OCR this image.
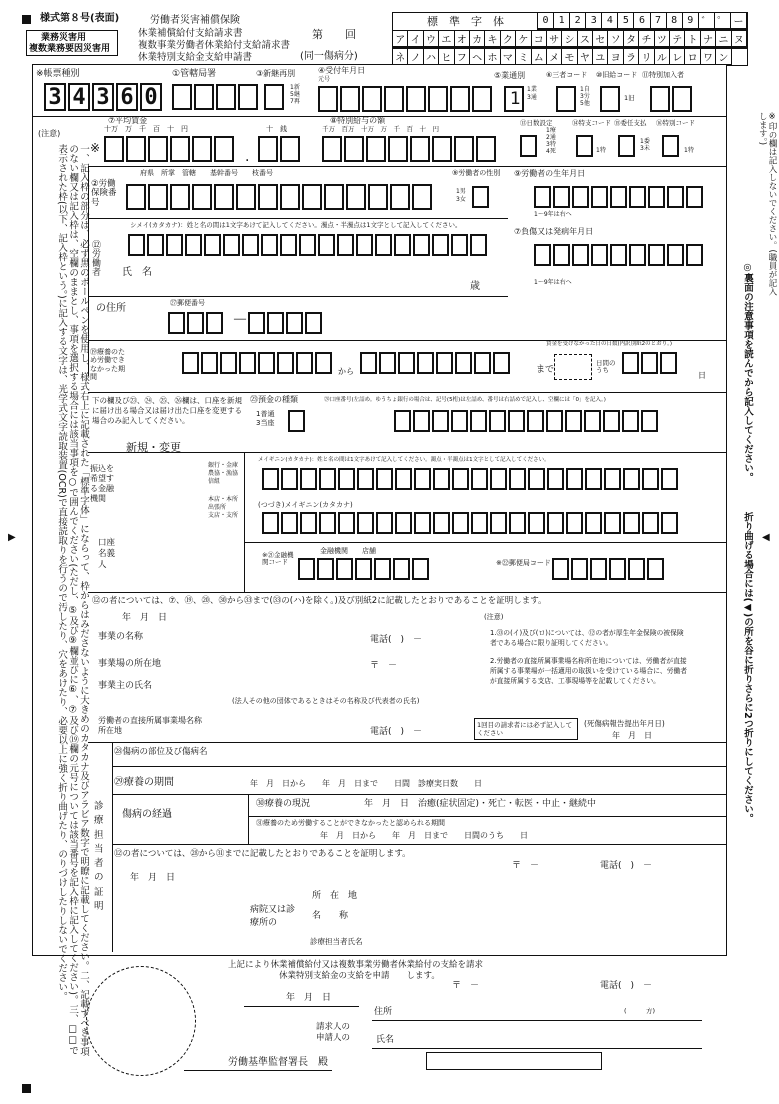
▶	◀
様式第８号(表面)
業務災害用
複数業務要因災害用
労働者災害補償保険
休業補償給付支給請求書
複数事業労働者休業給付支給請求書
休業特別支給金支給申請書
第　　回
(同一傷病分)
標　準　字　体	0	1	2	3	4	5	6	7	8	9 ゛ ゜ ー
ア イ ウ エ オ カ キ ク ケ コ サ シ ス セ ソ タ チ ツ テ ト ナ ニ ヌ
ネ ノ ハ ヒ フ ヘ ホ マ ミ ム メ モ ヤ ユ ヨ ラ リ ル レ ロ ワ ン
※帳票種別
3 4 3 6 0
①管轄局署	③新継再別
1新
5継
7再
④受付年月日
元号	⑤業通別
1 1業
3通
⑥三者コード
1自
3労
5他
⑩旧給コード
1旧
⑪特別加入者
⑦平均賃金
十万　万　千　百　十　円	十　銭
※
.
⑧特別給与の額
千万　百万　十万　万　千　百　十　円
⑬日数設定
1療
2通
3特
4死
⑭特支コード
1特
⑮委任支払
1委
3未
⑯特別コード
1特
②労働保険番号
府県　所掌　管轄　　基幹番号　　枝番号	⑨労働者の性別
1男
3女
⑨労働者の生年月日
1〜9年は右へ
⑫労働者
シメイ(カタカナ)：姓と名の間は1文字あけて記入してください。濁点・半濁点は1文字として記入してください。
氏　名
歳
⑦負傷又は発病年月日
1〜9年は右へ
の住所	㉗郵便番号
－
⑲療養のため労働できなかった期間
から	まで
賃金を受けなかった日の日数(内訳別紙2のとおり。)
日間のうち
日
下の欄及び㉓、㉔、㉕、㉖欄は、口座を新規に届け出る場合又は届け出た口座を変更する場合のみ記入してください。
新規・変更
㉓預金の種類
1普通
3当座
㉔口座番号(左詰め。ゆうちょ銀行の場合は、記号(5桁)は左詰め、番号は右詰めで記入し、空欄には「0」を記入。)
振込を希望する金融機関
銀行・金庫
農協・漁協
信組
本店・本所
出張所
支店・支所
メイギニン(カタカナ)：姓と名の間は1文字あけて記入してください。濁点・半濁点は1文字として記入してください。
(つづき)メイギニン(カタカナ)
口座名義人
※㉑金融機関コード
金融機関　　店舗
※㉒郵便局コード
⑫の者については、⑦、⑲、⑳、㉚から㉝まで(㉝の(ハ)を除く。)及び別紙2に記載したとおりであることを証明します。
年　月　日
事業の名称	電話(　)　－
事業場の所在地	〒　－
事業主の氏名
(法人その他の団体であるときはその名称及び代表者の氏名)
労働者の直接所属事業場名称所在地	電話(　)　－
(注意)
1.㉝の(イ)及び(ロ)については、⑫の者が厚生年金保険の被保険者である場合に限り証明してください。
2.労働者の直接所属事業場名称所在地については、労働者が直接所属する事業場が一括適用の取扱いを受けている場合に、労働者が直接所属する支店、工事現場等を記載してください。
1回目の請求者には必ず記入してください
(死傷病報告提出年月日)
年　月　日
診療担当者の証明
㉘傷病の部位及び傷病名
㉙療養の期間	年　月　日から　　年　月　日まで　　日間　診療実日数　　日
傷病の経過
㉚療養の現況	年　月　日　治癒(症状固定)・死亡・転医・中止・継続中
㉛療養のため労働することができなかったと認められる期間
年　月　日から　　年　月　日まで　　日間のうち　　日
⑫の者については、㉘から㉛までに記載したとおりであることを証明します。
〒　－	電話(　)　－
年　月　日
病院又は診療所の
所　在　地
名　　称
診療担当者氏名
上記により休業補償給付又は複数事業労働者休業給付の支給を請求
　　　　　　休業特別支給金の支給を申請　　します。
〒　－	電話(　)　－
年　月　日
住所	(　　　方)
請求人の
申請人の	氏名
労働基準監督署長　殿
(注意)
一、記入枠の部分は、必ず黒のボールペンを使用し、様式右上に記載された「標準字体」にならって、枠からはみださないように大きめのカタカナ及びアラビア数字で明瞭に記載してください。二、記載すべき事項のない欄又は記入枠は、空欄のままとし、事項を選択する場合には該当事項を○で囲んでください(ただし、⑤及び⑨欄並びに⑥、⑦及び⑲欄の元号については該当番号を記入枠に記入してください)。三、□□で表示された枠(以下、記入枠という。)に記入する文字は、光学式文字読取装置(OCR)で直接読取りを行うので汚したり、穴をあけたり、必要以上に強く折り曲げたり、のりづけしたりしないでください。	※印の欄は記入しないでください。(職員が記入します。)
◎裏面の注意事項を読んでから記入してください。
折り曲げる場合には(◀)の所を谷に折りさらに2つ折りにしてください。
